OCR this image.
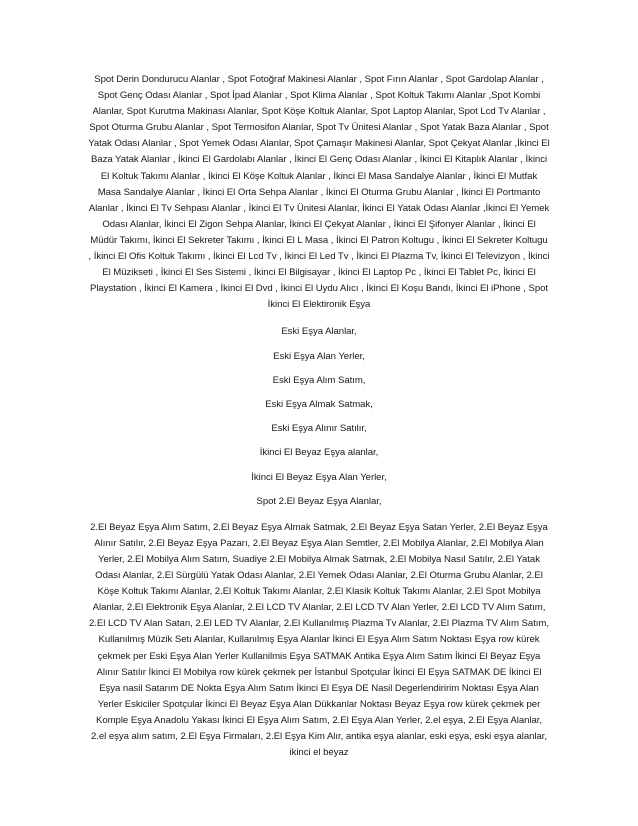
Spot Derin Dondurucu Alanlar , Spot Fotoğraf Makinesi Alanlar , Spot Fırın Alanlar , Spot Gardolap Alanlar , Spot Genç Odası Alanlar , Spot İpad Alanlar , Spot Klima Alanlar , Spot Koltuk Takımı Alanlar ,Spot Kombi Alanlar, Spot Kurutma Makinası Alanlar, Spot Köşe Koltuk Alanlar, Spot Laptop Alanlar, Spot Lcd Tv Alanlar , Spot Oturma Grubu Alanlar , Spot Termosifon Alanlar, Spot Tv Ünitesi Alanlar , Spot Yatak Baza Alanlar , Spot Yatak Odası Alanlar , Spot Yemek Odası Alanlar, Spot Çamaşır Makinesi Alanlar, Spot Çekyat Alanlar ,İkinci El Baza Yatak Alanlar , İkinci El Gardolabı Alanlar , İkinci El Genç Odası Alanlar , İkinci El Kitaplık Alanlar , İkinci El Koltuk Takımı Alanlar , İkinci El Köşe Koltuk Alanlar , İkinci El Masa Sandalye Alanlar , İkinci El Mutfak Masa Sandalye Alanlar , İkinci El Orta Sehpa Alanlar , İkinci El Oturma Grubu Alanlar , İkinci El Portmanto Alanlar , İkinci El Tv Sehpası Alanlar , İkinci El Tv Ünitesi Alanlar, İkinci El Yatak Odası Alanlar ,İkinci El Yemek Odası Alanlar, İkinci El Zigon Sehpa Alanlar, İkinci El Çekyat Alanlar , İkinci El Şifonyer Alanlar , İkinci El Müdür Takımı, İkinci El Sekreter Takımı , İkinci El L Masa , İkinci El Patron Koltugu , İkinci El Sekreter Koltugu , İkinci El Ofis Koltuk Takımı , İkinci El Lcd Tv , İkinci El Led Tv , İkinci El Plazma Tv, İkinci El Televizyon , İkinci El Müzikseti , İkinci El Ses Sistemi , İkinci El Bilgisayar , İkinci El Laptop Pc , İkinci El Tablet Pc, İkinci El Playstation , İkinci El Kamera , İkinci El Dvd , İkinci El Uydu Alıcı , İkinci El Koşu Bandı, İkinci El iPhone , Spot İkinci El Elektironik Eşya

Eski Eşya Alanlar,

Eski Eşya Alan Yerler,

Eski Eşya Alım Satım,

Eski Eşya Almak Satmak,

Eski Eşya Alınır Satılır,

İkinci El Beyaz Eşya alanlar,

İkinci El Beyaz Eşya Alan Yerler,

Spot 2.El Beyaz Eşya Alanlar,

2.El Beyaz Eşya Alım Satım, 2.El Beyaz Eşya Almak Satmak, 2.El Beyaz Eşya Satan Yerler, 2.El Beyaz Eşya Alınır Satılır, 2.El Beyaz Eşya Pazarı, 2.El Beyaz Eşya Alan Semtler, 2.El Mobilya Alanlar, 2.El Mobilya Alan Yerler, 2.El Mobilya Alım Satım, Suadiye 2.El Mobilya Almak Satmak, 2.El Mobilya Nasıl Satılır, 2.El Yatak Odası Alanlar, 2.El Sürgülü Yatak Odası Alanlar, 2.El Yemek Odası Alanlar, 2.El Oturma Grubu Alanlar, 2.El Köşe Koltuk Takımı Alanlar, 2.El Koltuk Takımı Alanlar, 2.El Klasik Koltuk Takımı Alanlar, 2.El Spot Mobilya Alanlar, 2.El Elektronik Eşya Alanlar, 2.El LCD TV Alanlar, 2.El LCD TV Alan Yerler, 2.El LCD TV Alım Satım, 2.El LCD TV Alan Satan, 2.El LED TV Alanlar, 2.El Kullanılmış Plazma Tv Alanlar, 2.El Plazma TV Alım Satım, Kullanılmış Müzik Setı Alanlar, Kullanılmış Eşya Alanlar İkinci El Eşya Alım Satım Noktası Eşya row kürek çekmek per Eski Eşya Alan Yerler Kullanilmis Eşya SATMAK Antika Eşya Alım Satım İkinci El Beyaz Eşya Alınır Satılır İkinci El Mobilya row kürek çekmek per İstanbul Spotçular İkinci El Eşya SATMAK DE İkinci El Eşya nasil Satarım DE Nokta Eşya Alım Satım İkinci El Eşya DE Nasil Degerlendiririm Noktası Eşya Alan Yerler Eskiciler Spotçular İkinci El Beyaz Eşya Alan Dükkanlar Noktası Beyaz Eşya row kürek çekmek per Komple Eşya Anadolu Yakası İkinci El Eşya Alım Satım, 2.El Eşya Alan Yerler, 2.el eşya, 2.El Eşya Alanlar, 2.el eşya alım satım, 2.El Eşya Firmaları, 2.El Eşya Kim Alır, antika eşya alanlar, eski eşya, eski eşya alanlar, ikinci el beyaz
